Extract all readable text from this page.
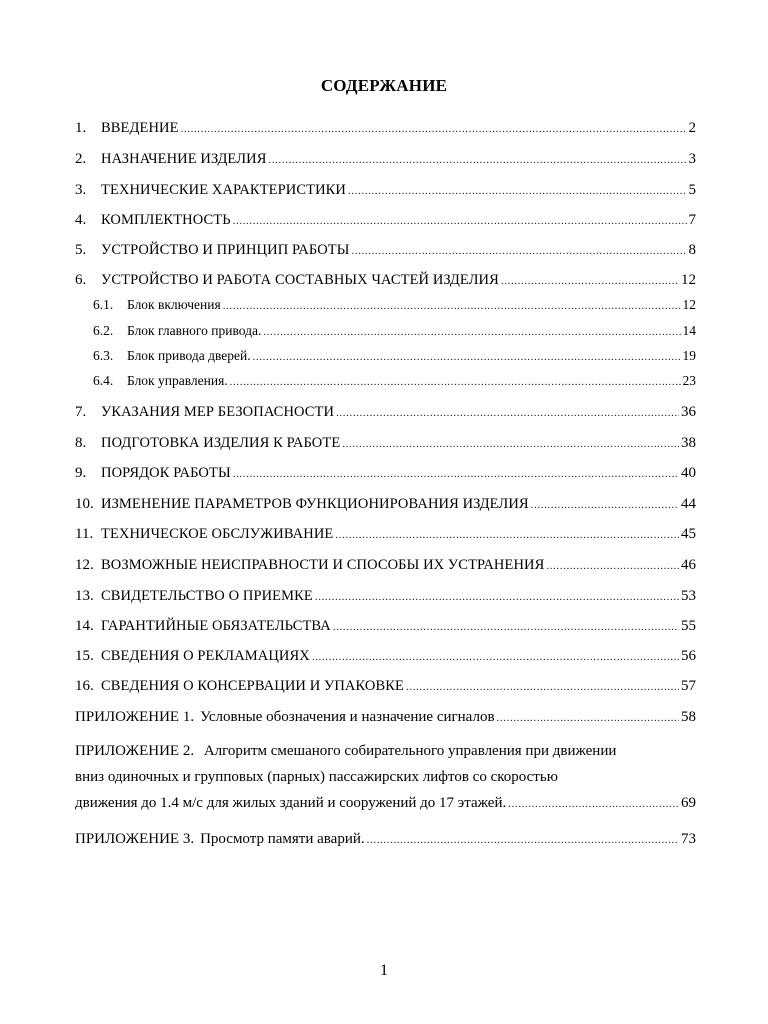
СОДЕРЖАНИЕ
1.	ВВЕДЕНИЕ .....	2
2.	НАЗНАЧЕНИЕ ИЗДЕЛИЯ .....	3
3.	ТЕХНИЧЕСКИЕ ХАРАКТЕРИСТИКИ .....	5
4.	КОМПЛЕКТНОСТЬ .....	7
5.	УСТРОЙСТВО И ПРИНЦИП РАБОТЫ .....	8
6.	УСТРОЙСТВО И РАБОТА СОСТАВНЫХ ЧАСТЕЙ ИЗДЕЛИЯ .....	12
6.1.	Блок включения .....	12
6.2.	Блок главного привода. .....	14
6.3.	Блок привода дверей. .....	19
6.4.	Блок управления. .....	23
7.	УКАЗАНИЯ МЕР БЕЗОПАСНОСТИ .....	36
8.	ПОДГОТОВКА ИЗДЕЛИЯ К РАБОТЕ .....	38
9.	ПОРЯДОК РАБОТЫ .....	40
10. ИЗМЕНЕНИЕ ПАРАМЕТРОВ ФУНКЦИОНИРОВАНИЯ ИЗДЕЛИЯ .....	44
11. ТЕХНИЧЕСКОЕ ОБСЛУЖИВАНИЕ .....	45
12. ВОЗМОЖНЫЕ НЕИСПРАВНОСТИ И СПОСОБЫ ИХ УСТРАНЕНИЯ .....	46
13. СВИДЕТЕЛЬСТВО О ПРИЕМКЕ .....	53
14. ГАРАНТИЙНЫЕ ОБЯЗАТЕЛЬСТВА .....	55
15. СВЕДЕНИЯ О РЕКЛАМАЦИЯХ .....	56
16. СВЕДЕНИЯ О КОНСЕРВАЦИИ И УПАКОВКЕ .....	57
ПРИЛОЖЕНИЕ 1. Условные обозначения и назначение сигналов .....	58
ПРИЛОЖЕНИЕ 2. Алгоритм смешаного собирательного управления при движении
вниз одиночных и групповых (парных) пассажирских лифтов со скоростью
движения до 1.4 м/с для жилых зданий и сооружений до 17 этажей. .....	69
ПРИЛОЖЕНИЕ 3. Просмотр памяти аварий. .....	73
1
